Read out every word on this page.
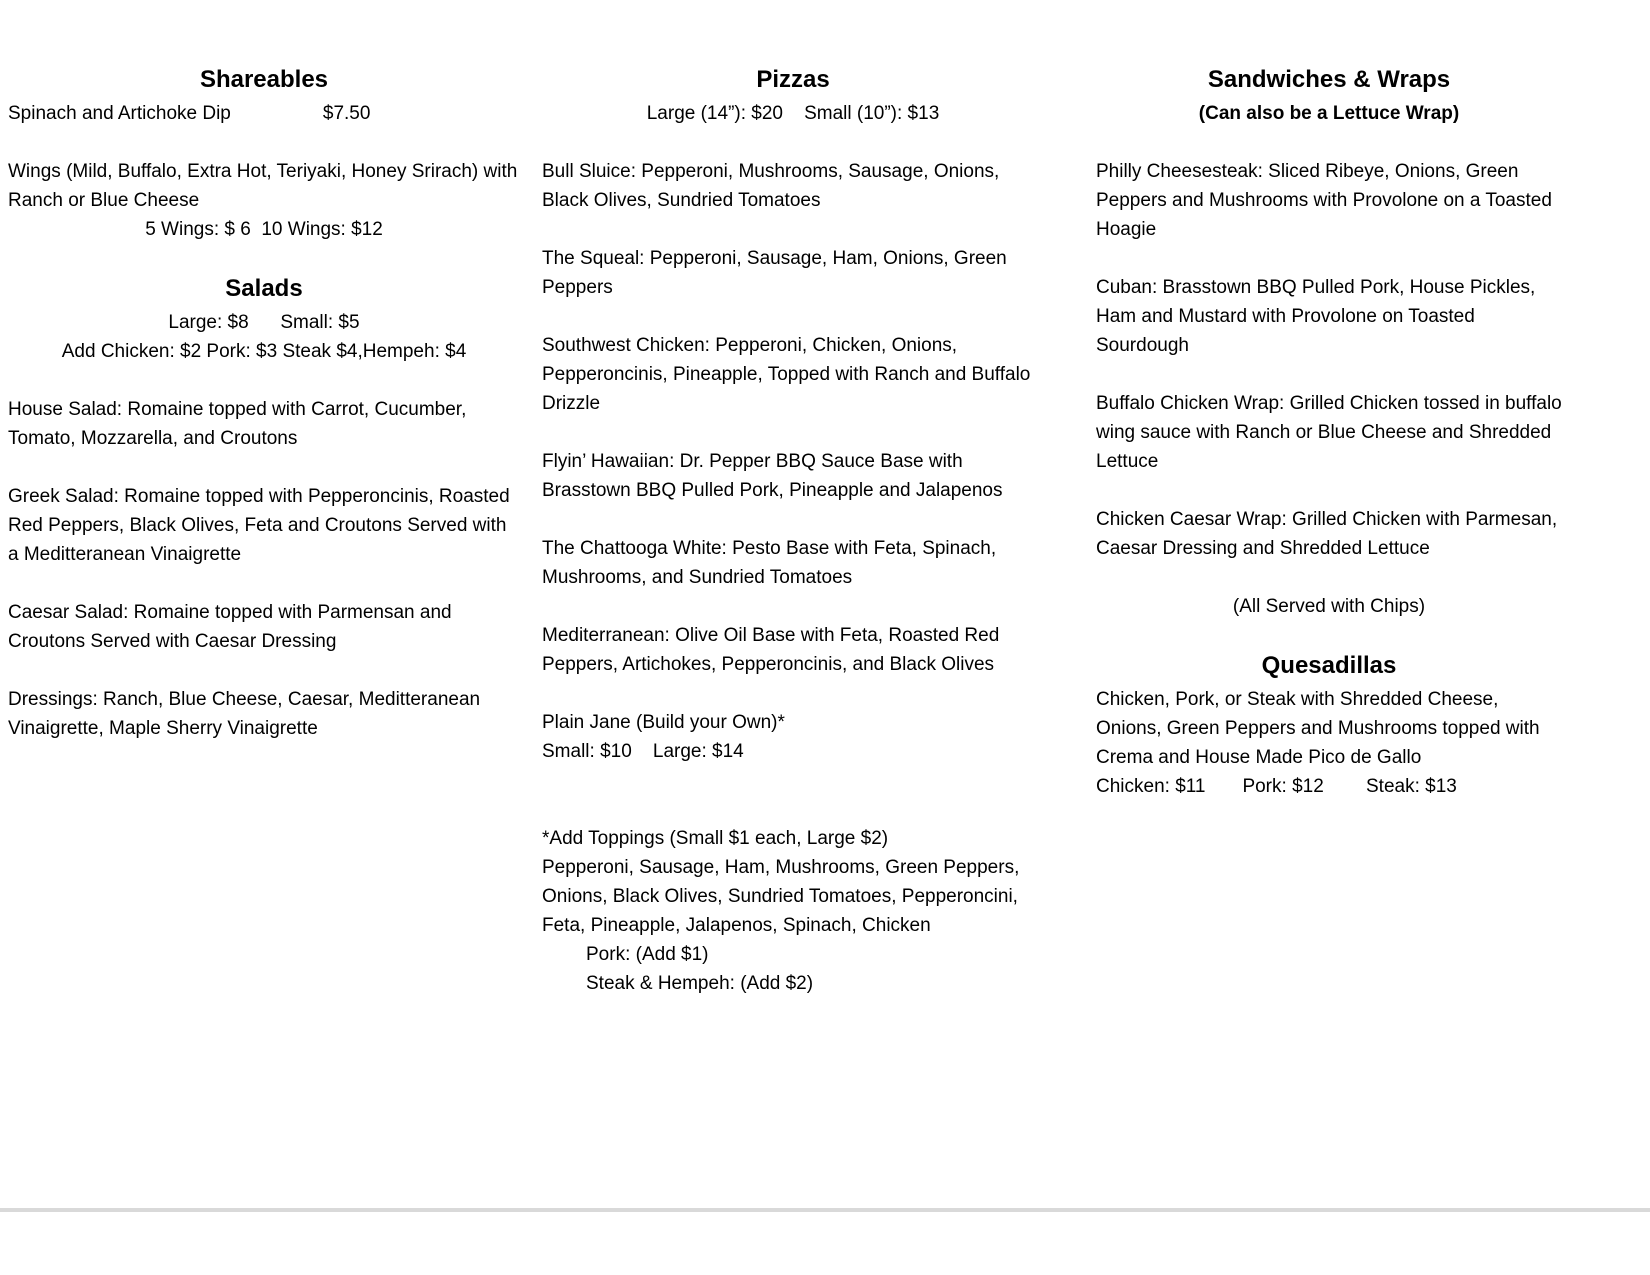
Shareables

Spinach and Artichoke Dip	$7.50

Wings (Mild, Buffalo, Extra Hot, Teriyaki, Honey Srirach) with Ranch or Blue Cheese

5 Wings: $ 6  10 Wings: $12

Salads

Large: $8      Small: $5

Add Chicken: $2 Pork: $3 Steak $4,Hempeh: $4

House Salad: Romaine topped with Carrot, Cucumber, Tomato, Mozzarella, and Croutons

Greek Salad: Romaine topped with Pepperoncinis, Roasted Red Peppers, Black Olives, Feta and Croutons Served with a Meditteranean Vinaigrette

Caesar Salad: Romaine topped with Parmensan and Croutons Served with Caesar Dressing

Dressings: Ranch, Blue Cheese, Caesar, Meditteranean Vinaigrette, Maple Sherry Vinaigrette

Pizzas

Large (14”): $20    Small (10”): $13

Bull Sluice: Pepperoni, Mushrooms, Sausage, Onions, Black Olives, Sundried Tomatoes

The Squeal: Pepperoni, Sausage, Ham, Onions, Green Peppers

Southwest Chicken: Pepperoni, Chicken, Onions, Pepperoncinis, Pineapple, Topped with Ranch and Buffalo Drizzle

Flyin’ Hawaiian: Dr. Pepper BBQ Sauce Base with Brasstown BBQ Pulled Pork, Pineapple and Jalapenos

The Chattooga White: Pesto Base with Feta, Spinach, Mushrooms, and Sundried Tomatoes

Mediterranean: Olive Oil Base with Feta, Roasted Red Peppers, Artichokes, Pepperoncinis, and Black Olives

Plain Jane (Build your Own)*

Small: $10    Large: $14

*Add Toppings (Small $1 each, Large $2)

Pepperoni, Sausage, Ham, Mushrooms, Green Peppers, Onions, Black Olives, Sundried Tomatoes, Pepperoncini, Feta, Pineapple, Jalapenos, Spinach, Chicken

Pork: (Add $1)

Steak & Hempeh: (Add $2)

Sandwiches & Wraps

(Can also be a Lettuce Wrap)

Philly Cheesesteak: Sliced Ribeye, Onions, Green Peppers and Mushrooms with Provolone on a Toasted Hoagie

Cuban: Brasstown BBQ Pulled Pork, House Pickles, Ham and Mustard with Provolone on Toasted Sourdough

Buffalo Chicken Wrap: Grilled Chicken tossed in buffalo wing sauce with Ranch or Blue Cheese and Shredded Lettuce

Chicken Caesar Wrap: Grilled Chicken with Parmesan, Caesar Dressing and Shredded Lettuce

(All Served with Chips)

Quesadillas

Chicken, Pork, or Steak with Shredded Cheese, Onions, Green Peppers and Mushrooms topped with Crema and House Made Pico de Gallo

Chicken: $11       Pork: $12        Steak: $13
